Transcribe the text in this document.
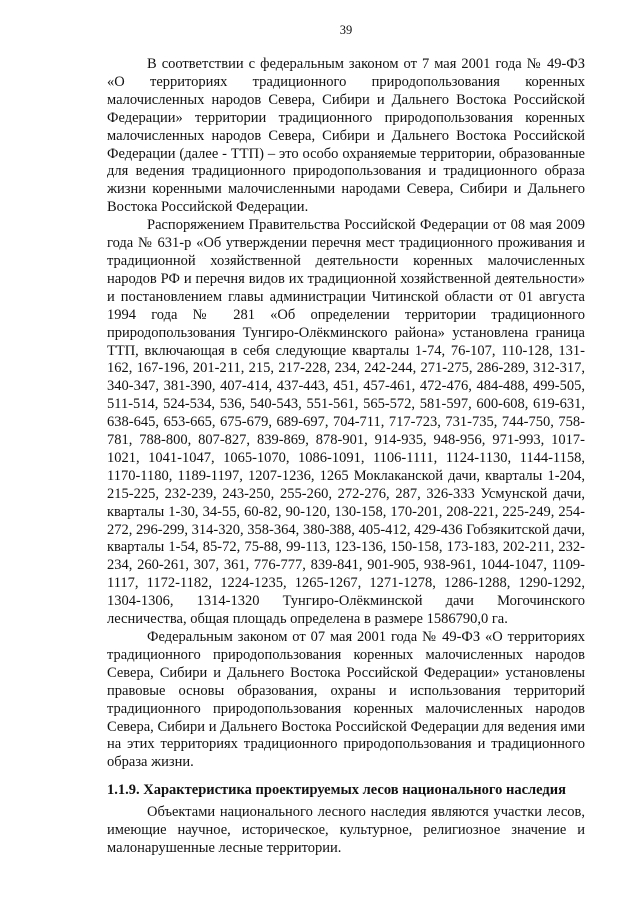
39

В соответствии с федеральным законом от 7 мая 2001 года № 49-ФЗ «О территориях традиционного природопользования коренных малочисленных народов Севера, Сибири и Дальнего Востока Российской Федерации» территории традиционного природопользования коренных малочисленных народов Севера, Сибири и Дальнего Востока Российской Федерации (далее - ТТП) – это особо охраняемые территории, образованные для ведения традиционного природопользования и традиционного образа жизни коренными малочисленными народами Севера, Сибири и Дальнего Востока Российской Федерации.

Распоряжением Правительства Российской Федерации от 08 мая 2009 года № 631-р «Об утверждении перечня мест традиционного проживания и традиционной хозяйственной деятельности коренных малочисленных народов РФ и перечня видов их традиционной хозяйственной деятельности» и постановлением главы администрации Читинской области от 01 августа 1994 года № 281 «Об определении территории традиционного природопользования Тунгиро-Олёкминского района» установлена граница ТТП, включающая в себя следующие кварталы 1-74, 76-107, 110-128, 131-162, 167-196, 201-211, 215, 217-228, 234, 242-244, 271-275, 286-289, 312-317, 340-347, 381-390, 407-414, 437-443, 451, 457-461, 472-476, 484-488, 499-505, 511-514, 524-534, 536, 540-543, 551-561, 565-572, 581-597, 600-608, 619-631, 638-645, 653-665, 675-679, 689-697, 704-711, 717-723, 731-735, 744-750, 758-781, 788-800, 807-827, 839-869, 878-901, 914-935, 948-956, 971-993, 1017-1021, 1041-1047, 1065-1070, 1086-1091, 1106-1111, 1124-1130, 1144-1158, 1170-1180, 1189-1197, 1207-1236, 1265 Моклаканской дачи, кварталы 1-204, 215-225, 232-239, 243-250, 255-260, 272-276, 287, 326-333 Усмунской дачи, кварталы 1-30, 34-55, 60-82, 90-120, 130-158, 170-201, 208-221, 225-249, 254-272, 296-299, 314-320, 358-364, 380-388, 405-412, 429-436 Гобзякитской дачи, кварталы 1-54, 85-72, 75-88, 99-113, 123-136, 150-158, 173-183, 202-211, 232-234, 260-261, 307, 361, 776-777, 839-841, 901-905, 938-961, 1044-1047, 1109-1117, 1172-1182, 1224-1235, 1265-1267, 1271-1278, 1286-1288, 1290-1292, 1304-1306, 1314-1320 Тунгиро-Олёкминской дачи Могочинского лесничества, общая площадь определена в размере 1586790,0 га.

Федеральным законом от 07 мая 2001 года № 49-ФЗ «О территориях традиционного природопользования коренных малочисленных народов Севера, Сибири и Дальнего Востока Российской Федерации» установлены правовые основы образования, охраны и использования территорий традиционного природопользования коренных малочисленных народов Севера, Сибири и Дальнего Востока Российской Федерации для ведения ими на этих территориях традиционного природопользования и традиционного образа жизни.

1.1.9. Характеристика проектируемых лесов национального наследия

Объектами национального лесного наследия являются участки лесов, имеющие научное, историческое, культурное, религиозное значение и малонарушенные лесные территории.
